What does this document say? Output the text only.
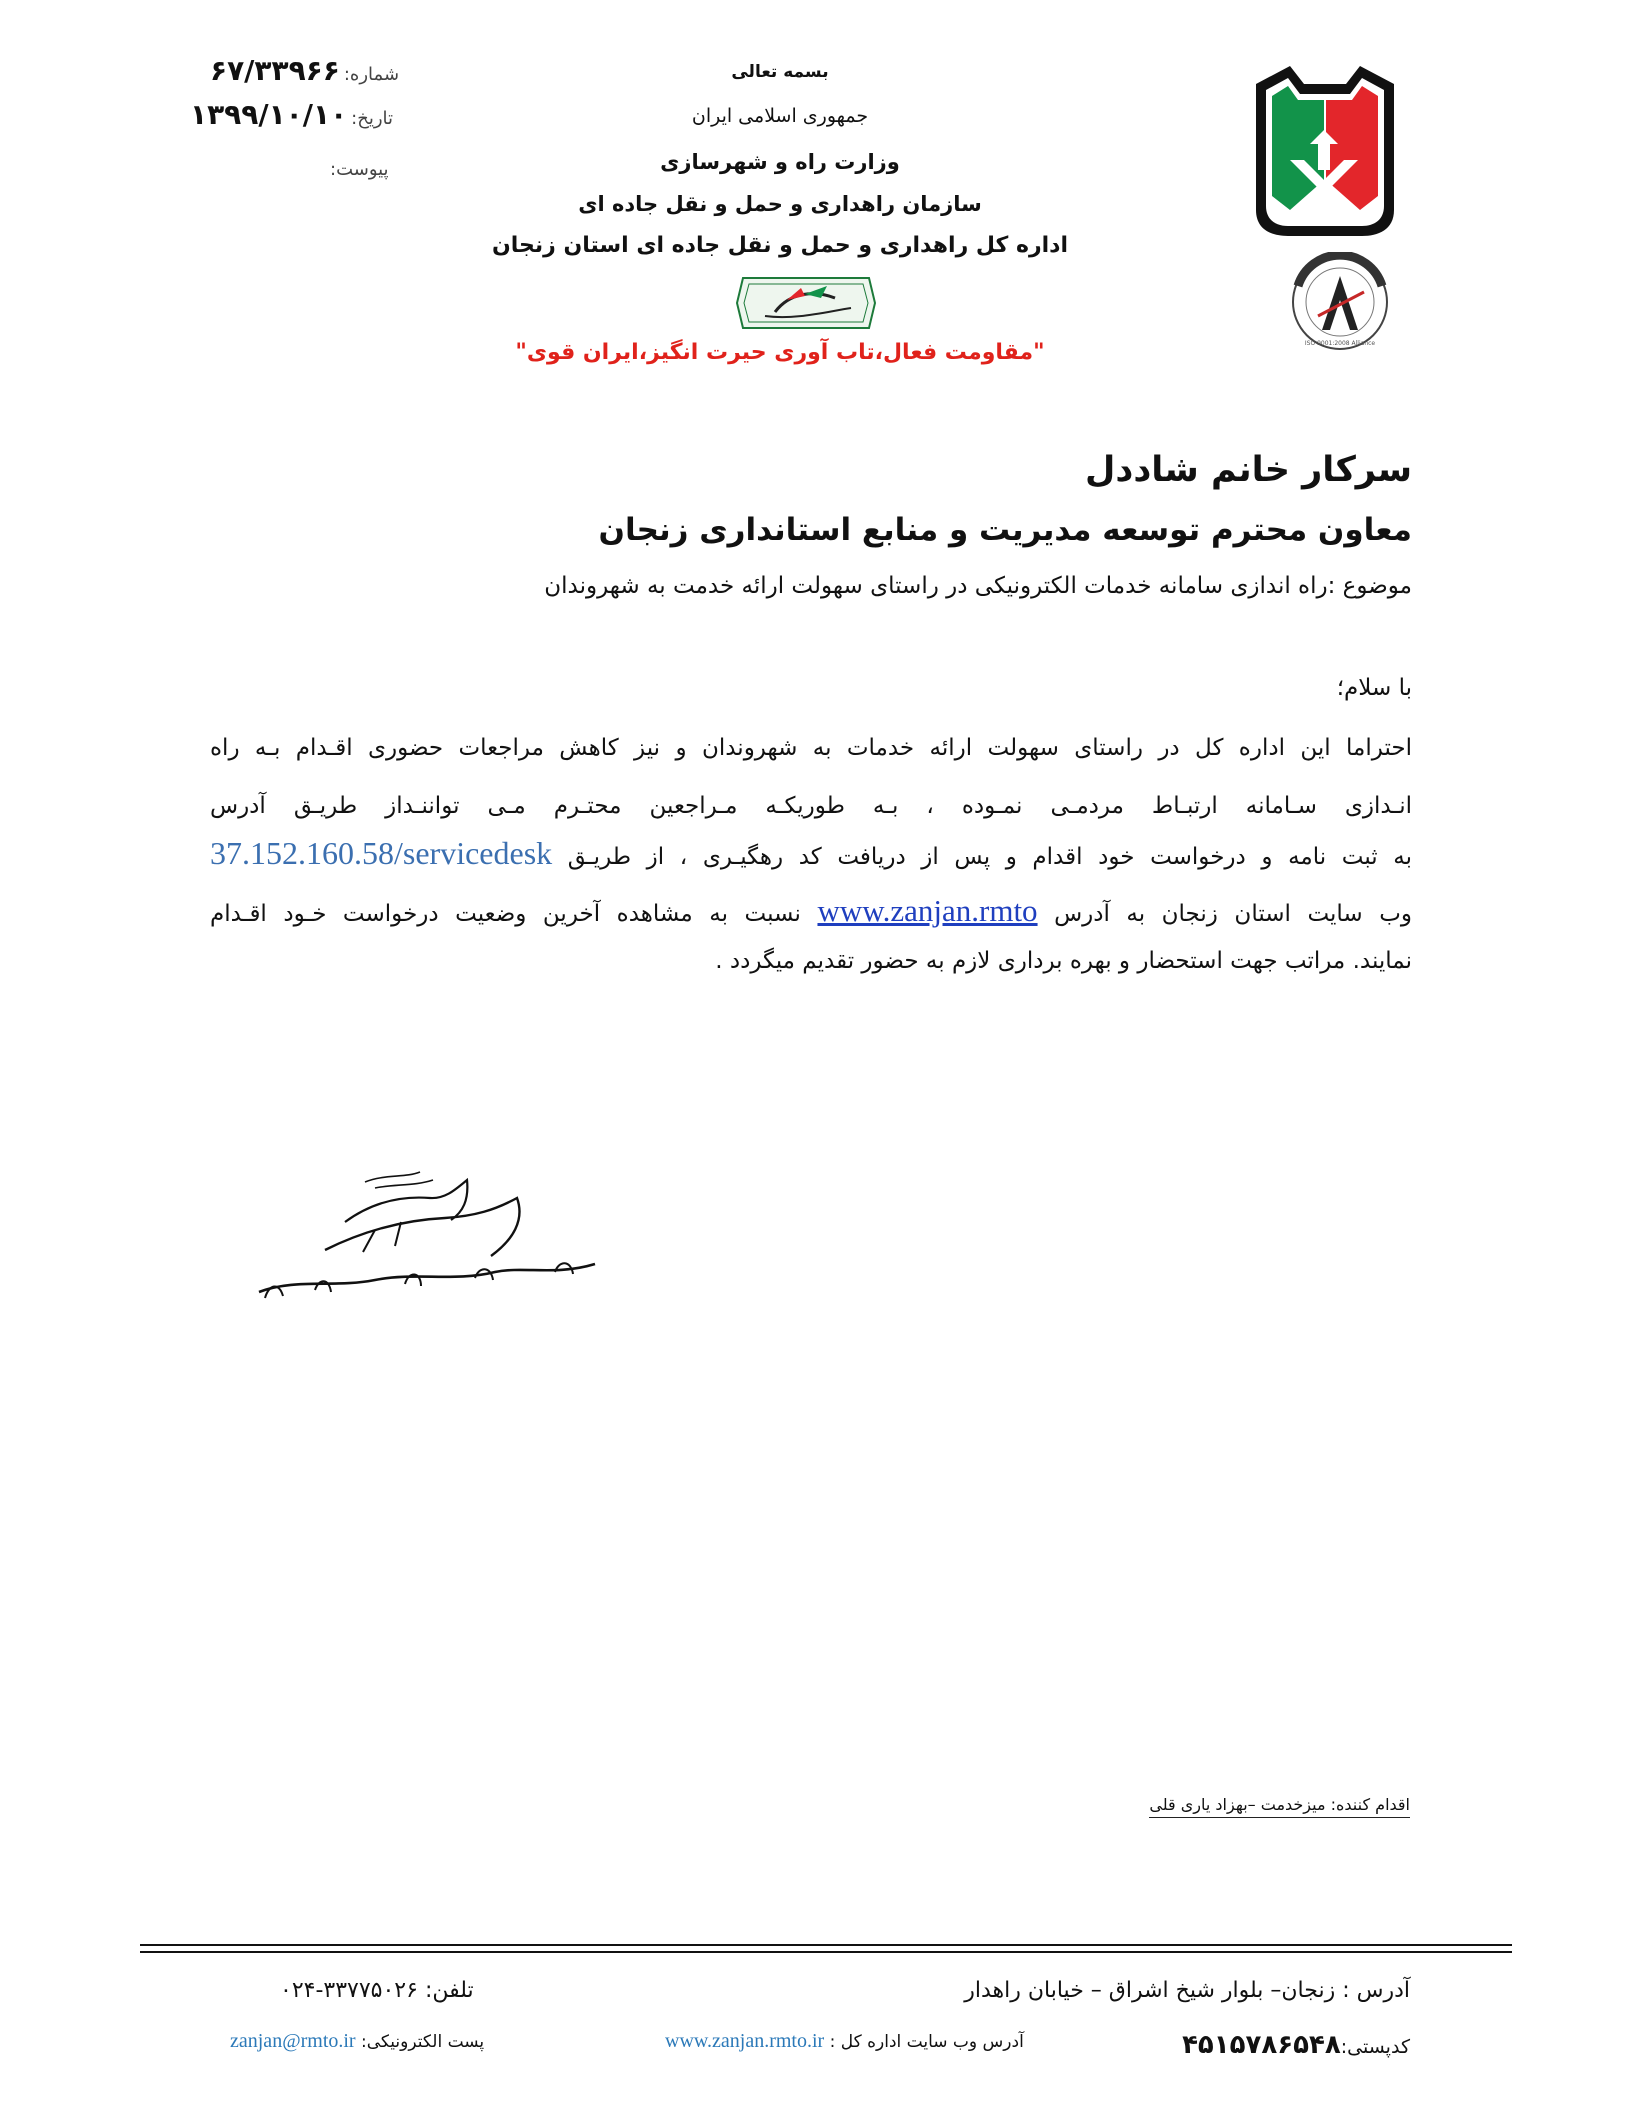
شماره:۶۷/۳۳۹۶۶
تاریخ:۱۳۹۹/۱۰/۱۰
پیوست:
بسمه تعالی
جمهوری اسلامی ایران
وزارت راه و شهرسازی
سازمان راهداری و حمل و نقل جاده ای
اداره کل راهداری و حمل و نقل جاده ای استان زنجان
"مقاومت فعال،تاب آوری حیرت انگیز،ایران قوی"	ISO 9001:2008 Alliance
سرکار خانم شاددل
معاون محترم توسعه مدیریت و منابع استانداری زنجان
موضوع :راه اندازی سامانه خدمات الکترونیکی در راستای سهولت ارائه خدمت به شهروندان
با سلام؛
احتراما این اداره کل در راستای سهولت ارائه خدمات به شهروندان و نیز کاهش مراجعات حضوری اقـدام بـه راه
انـدازی سـامانه ارتبـاط مردمـی نمـوده ، بـه طوریکـه مـراجعین محتـرم مـی تواننـداز طریـق آدرس
به ثبت نامه و درخواست خود اقدام و پس از دریافت کد رهگیـری ، از طریـق 37.152.160.58/servicedesk
وب سایت استان زنجان به آدرس www.zanjan.rmto نسبت به مشاهده آخرین وضعیت درخواست خـود اقـدام
نمایند. مراتب جهت استحضار و بهره برداری لازم به حضور تقدیم میگردد .
اقدام کننده: میزخدمت –بهزاد یاری قلی
آدرس : زنجان– بلوار شیخ اشراق – خیابان راهدار
تلفن: ۳۳۷۷۵۰۲۶-۰۲۴
کدپستی:۴۵۱۵۷۸۶۵۴۸
آدرس وب سایت اداره کل : www.zanjan.rmto.ir
پست الکترونیکی: zanjan@rmto.ir
